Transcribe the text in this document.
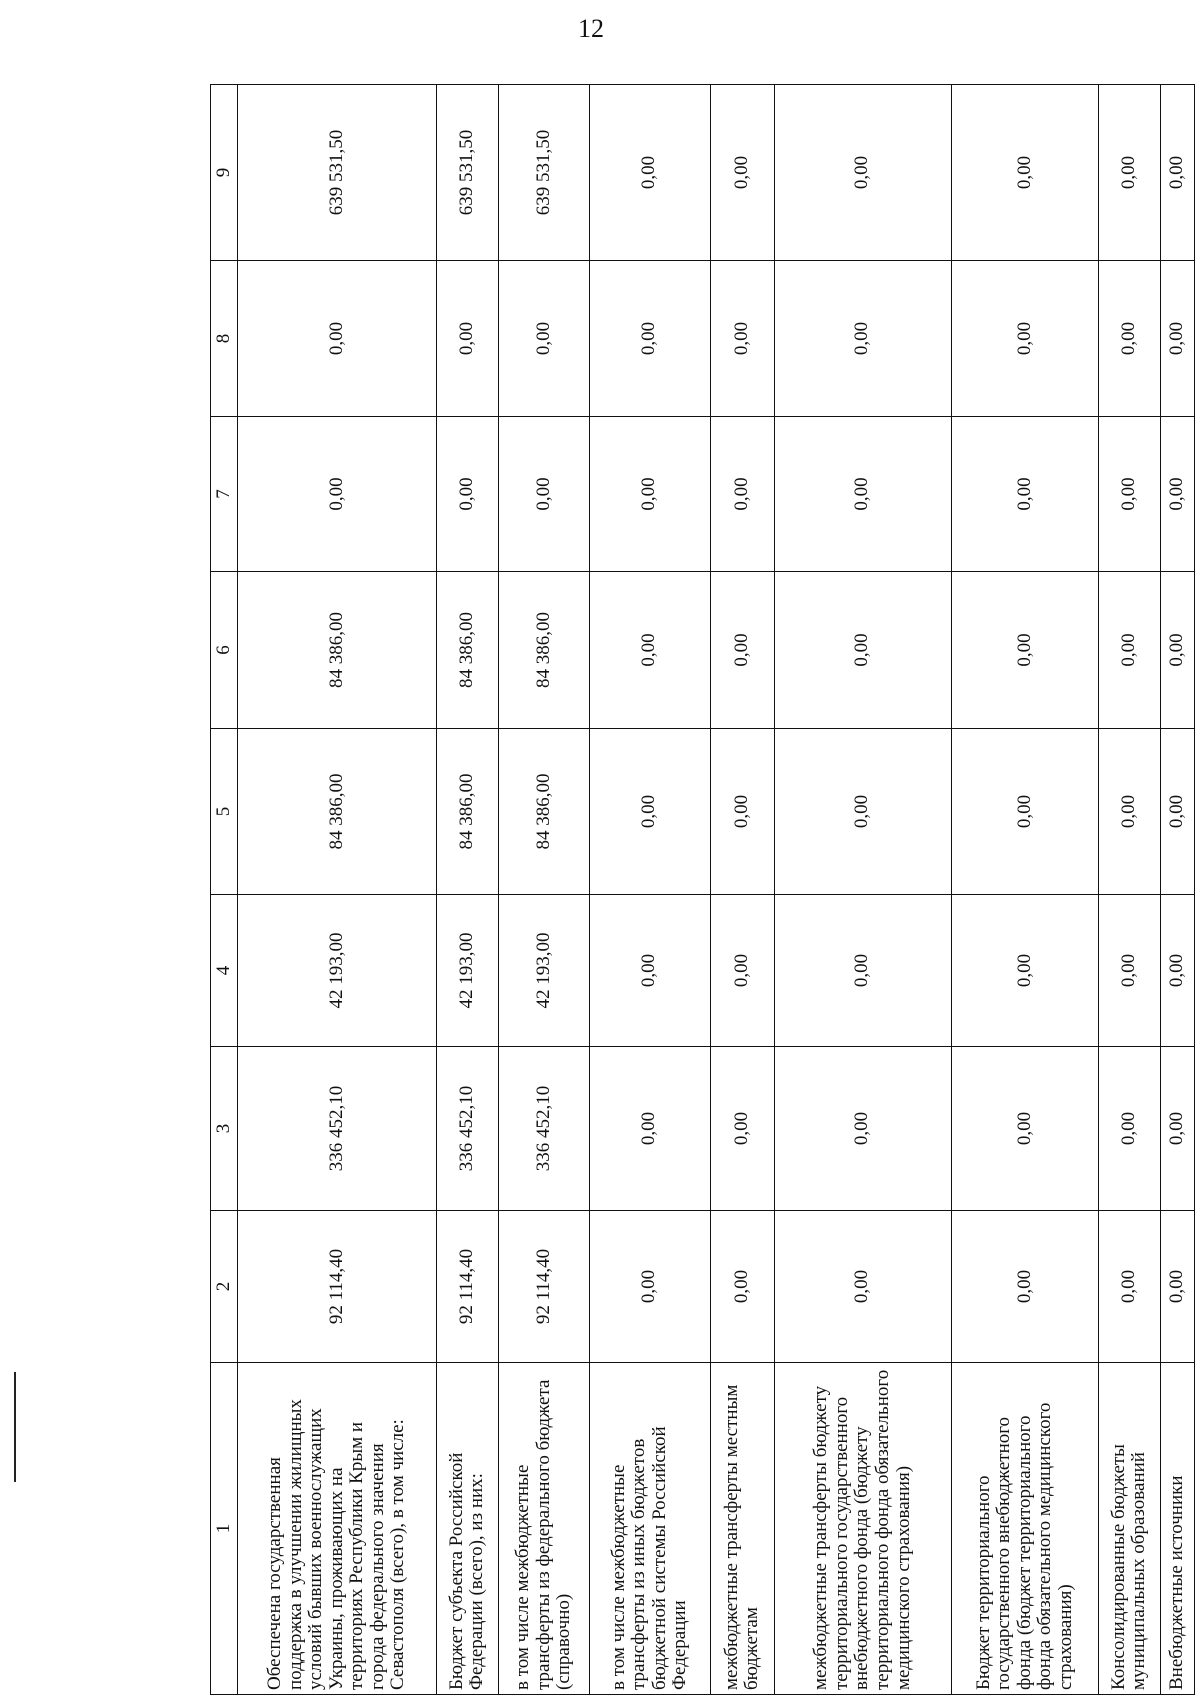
12
1	2	3	4	5	6	7	8	9
Обеспечена государственная поддержка в улучшении жилищных условий бывших военнослужащих Украины, проживающих на территориях Республики Крым и города федерального значения Севастополя (всего), в том числе:	92 114,40	336 452,10	42 193,00	84 386,00	84 386,00	0,00	0,00	639 531,50
Бюджет субъекта Российской Федерации (всего), из них:	92 114,40	336 452,10	42 193,00	84 386,00	84 386,00	0,00	0,00	639 531,50
в том числе межбюджетные трансферты из федерального бюджета (справочно)	92 114,40	336 452,10	42 193,00	84 386,00	84 386,00	0,00	0,00	639 531,50
в том числе межбюджетные трансферты из иных бюджетов бюджетной системы Российской Федерации	0,00	0,00	0,00	0,00	0,00	0,00	0,00	0,00
межбюджетные трансферты местным бюджетам	0,00	0,00	0,00	0,00	0,00	0,00	0,00	0,00
межбюджетные трансферты бюджету территориального государственного внебюджетного фонда (бюджету территориального фонда обязательного медицинского страхования)	0,00	0,00	0,00	0,00	0,00	0,00	0,00	0,00
Бюджет территориального государственного внебюджетного фонда (бюджет территориального фонда обязательного медицинского страхования)	0,00	0,00	0,00	0,00	0,00	0,00	0,00	0,00
Консолидированные бюджеты муниципальных образований	0,00	0,00	0,00	0,00	0,00	0,00	0,00	0,00
Внебюджетные источники	0,00	0,00	0,00	0,00	0,00	0,00	0,00	0,00
